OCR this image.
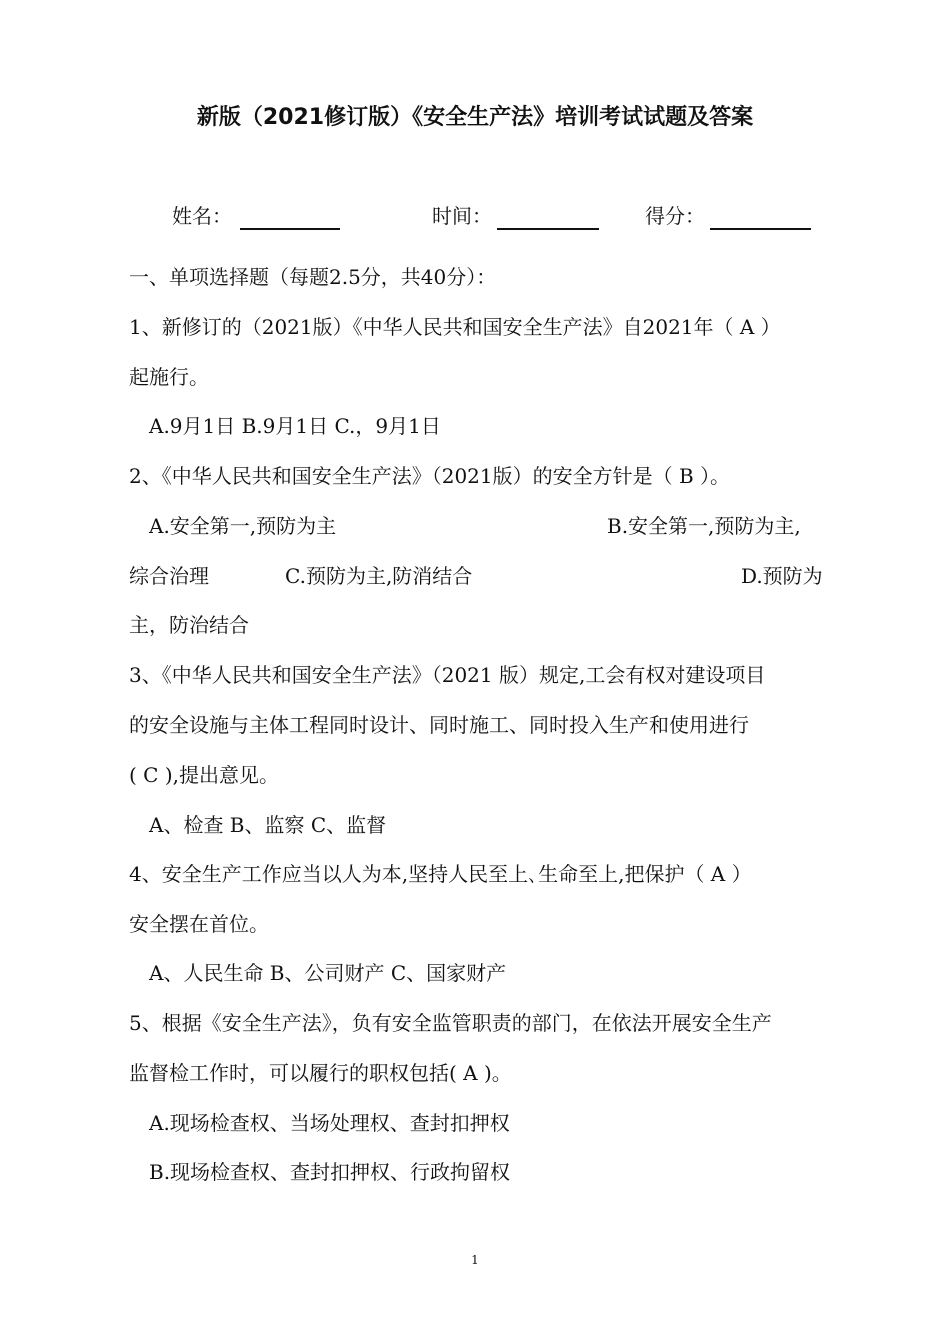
新版（2021修订版）《安全生产法》培训考试试题及答案
姓名：	时间：	得分：
一、单项选择题（每题2.5分，共40分）：
1、新修订的（2021版）《中华人民共和国安全生产法》自2021年（ A ）
起施行。
A.9月1日 B.9月1日 C.，9月1日
2、《中华人民共和国安全生产法》（2021版）的安全方针是（ B ）。
A.安全第一,预防为主	B.安全第一,预防为主,
综合治理	C.预防为主,防消结合	D.预防为
主，防治结合
3、《中华人民共和国安全生产法》（2021 版）规定,工会有权对建设项目
的安全设施与主体工程同时设计、同时施工、同时投入生产和使用进行
( C ),提出意见。
A、检查 B、监察 C、监督
4、安全生产工作应当以人为本,坚持人民至上､生命至上,把保护（ A ）
安全摆在首位。
A、人民生命 B、公司财产 C、国家财产
5、根据《安全生产法》，负有安全监管职责的部门，在依法开展安全生产
监督检工作时，可以履行的职权包括( A )。
A.现场检查权、当场处理权、查封扣押权
B.现场检查权、查封扣押权、行政拘留权
1
